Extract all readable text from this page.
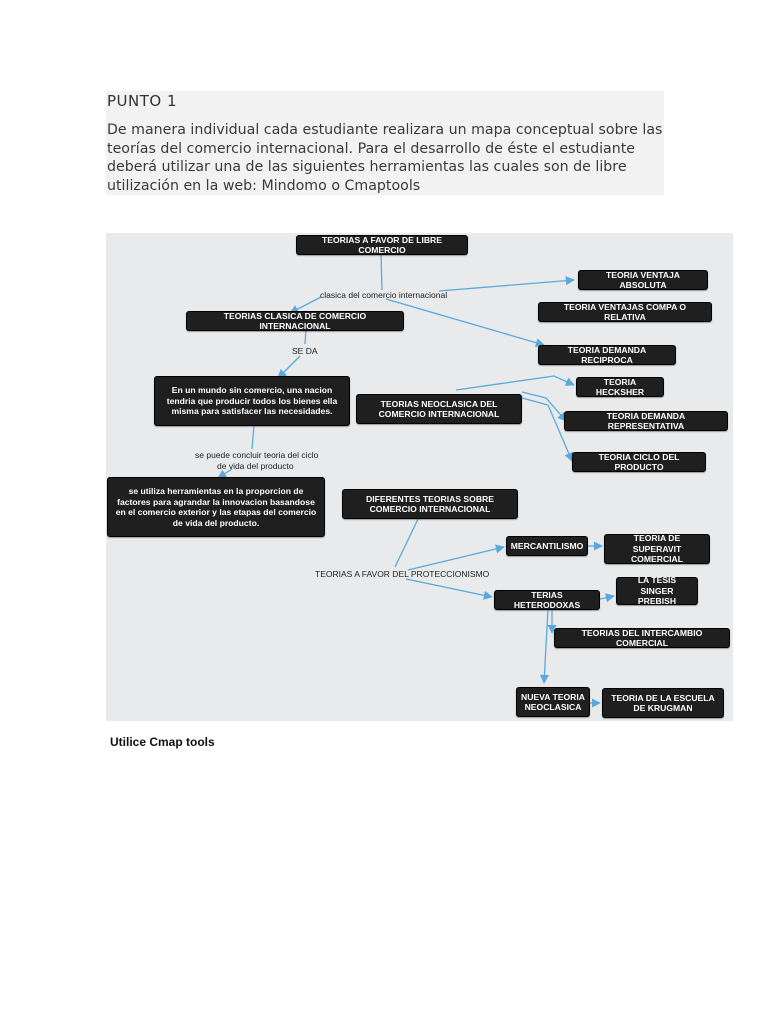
PUNTO 1

De manera individual cada estudiante realizara un mapa conceptual sobre las teorías del comercio internacional. Para el desarrollo de éste el estudiante deberá utilizar una de las siguientes herramientas las cuales son de libre utilización en la web: Mindomo o Cmaptools

TEORIAS A FAVOR DE LIBRE COMERCIO
TEORIA VENTAJA ABSOLUTA
TEORIA VENTAJAS COMPA O RELATIVA
TEORIAS CLASICA DE COMERCIO INTERNACIONAL
TEORIA DEMANDA RECIPROCA
En un mundo sin comercio, una nacion tendria que producir todos los bienes ella misma para satisfacer las necesidades.
TEORIA HECKSHER
TEORIAS NEOCLASICA DEL COMERCIO INTERNACIONAL	TEORIA DEMANDA REPRESENTATIVA
TEORIA CICLO DEL PRODUCTO
se utiliza herramientas en la proporcion de factores para agrandar la innovacion basandose en el comercio exterior y las etapas del comercio de vida del producto.
DIFERENTES TEORIAS SOBRE COMERCIO INTERNACIONAL
MERCANTILISMO
TEORIA DE SUPERAVIT COMERCIAL
LA TESIS SINGER PREBISH
TERIAS HETERODOXAS
TEORIAS DEL INTERCAMBIO COMERCIAL
NUEVA TEORIA NEOCLASICA
TEORIA DE LA ESCUELA DE KRUGMAN
clasica del comercio internacional
SE DA
se puede concluir teoria del ciclo
de vida del producto
TEORIAS A FAVOR DEL PROTECCIONISMO
Utilice Cmap tools
